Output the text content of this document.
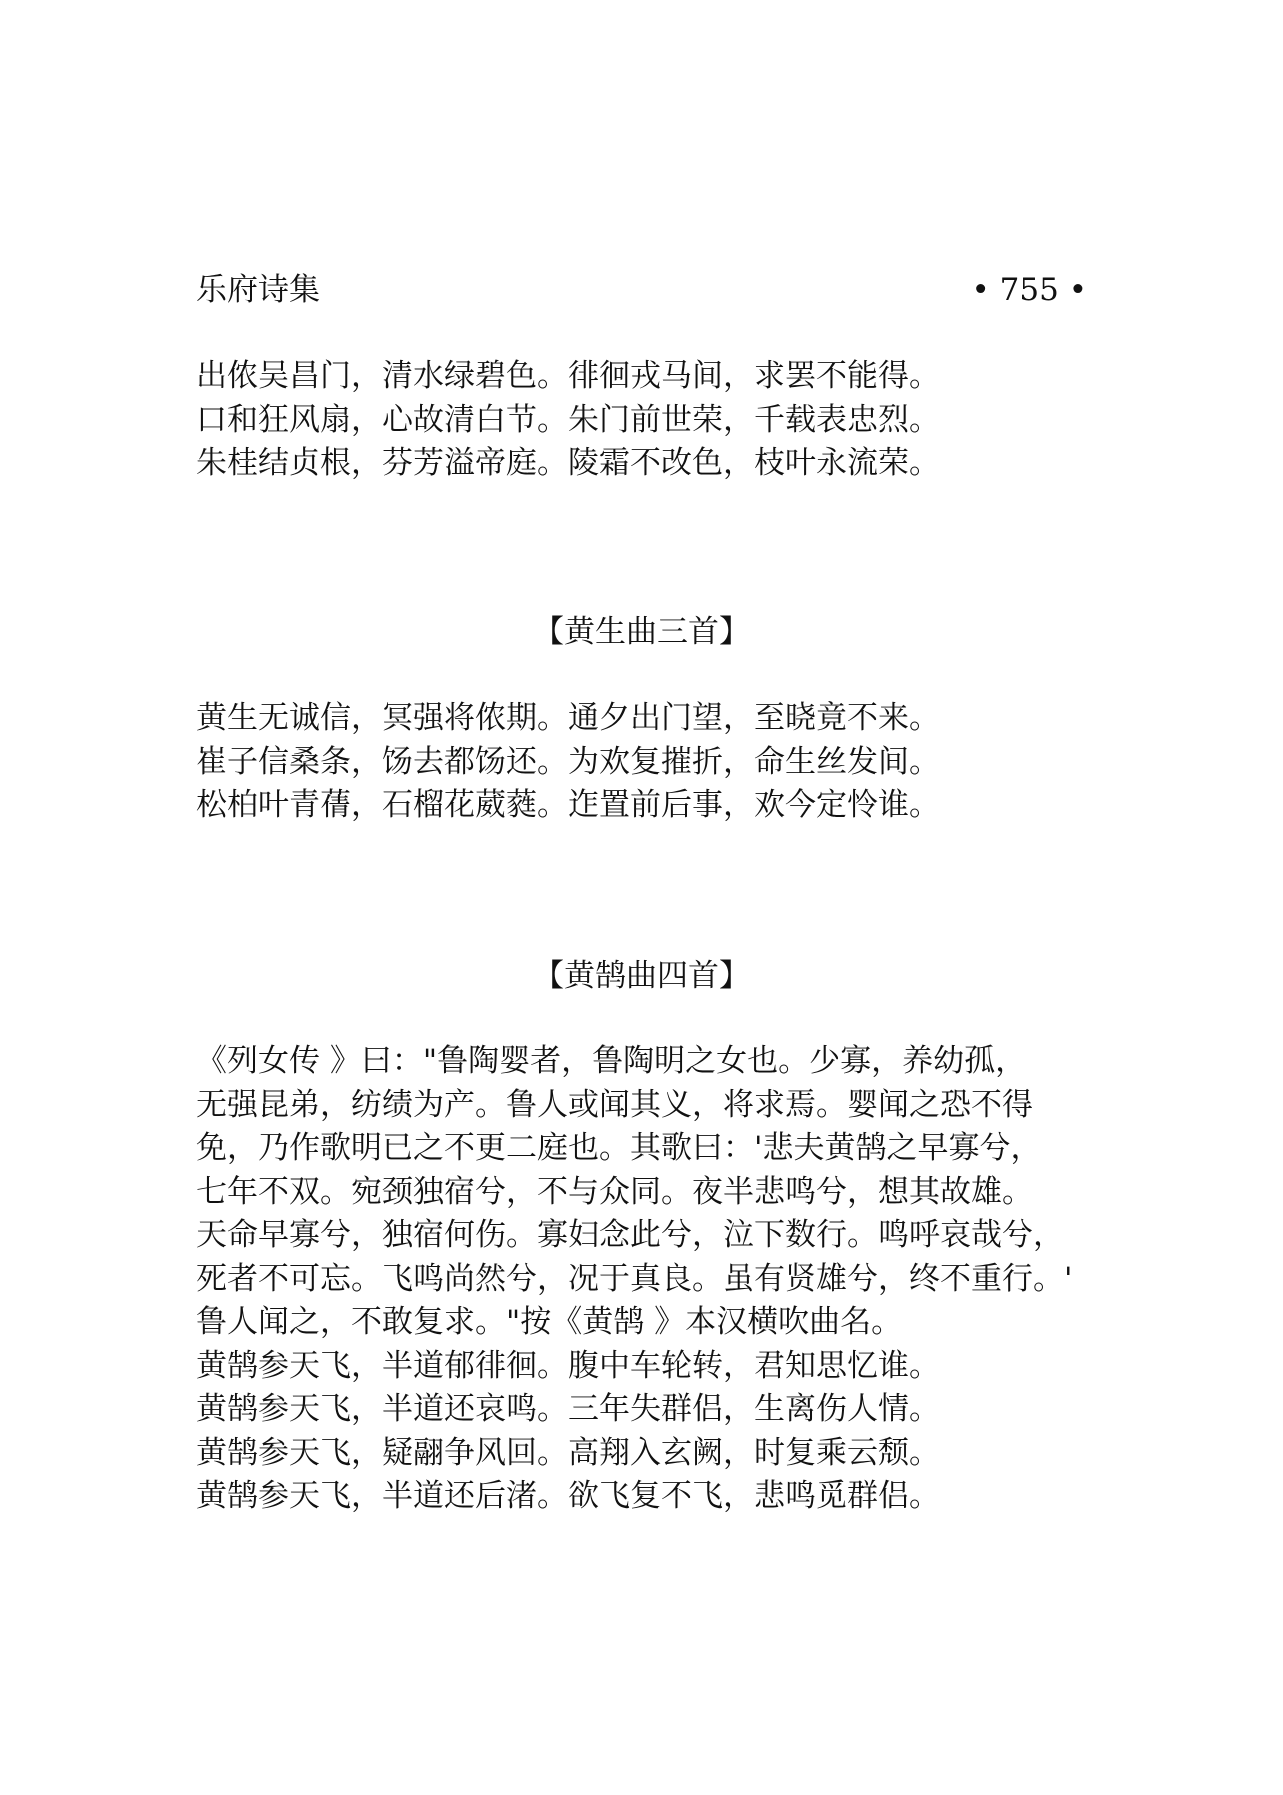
乐府诗集	• 755 •
出侬吴昌门，清水绿碧色。徘徊戎马间，求罢不能得。
口和狂风扇，心故清白节。朱门前世荣，千载表忠烈。
朱桂结贞根，芬芳溢帝庭。陵霜不改色，枝叶永流荣。
【黄生曲三首】
黄生无诚信，冥强将侬期。通夕出门望，至晓竟不来。
崔子信桑条，饧去都饧还。为欢复摧折，命生丝发间。
松柏叶青蒨，石榴花葳蕤。迮置前后事，欢今定怜谁。
【黄鹄曲四首】
《列女传 》曰："鲁陶婴者，鲁陶明之女也。少寡，养幼孤，
无强昆弟，纺绩为产。鲁人或闻其义，将求焉。婴闻之恐不得
免，乃作歌明已之不更二庭也。其歌曰：'悲夫黄鹄之早寡兮，
七年不双。宛颈独宿兮，不与众同。夜半悲鸣兮，想其故雄。
天命早寡兮，独宿何伤。寡妇念此兮，泣下数行。鸣呼哀哉兮，
死者不可忘。飞鸣尚然兮，况于真良。虽有贤雄兮，终不重行。'
鲁人闻之，不敢复求。"按《黄鹄 》本汉横吹曲名。
黄鹄参天飞，半道郁徘徊。腹中车轮转，君知思忆谁。
黄鹄参天飞，半道还哀鸣。三年失群侣，生离伤人情。
黄鹄参天飞，疑翮争风回。高翔入玄阙，时复乘云颓。
黄鹄参天飞，半道还后渚。欲飞复不飞，悲鸣觅群侣。
